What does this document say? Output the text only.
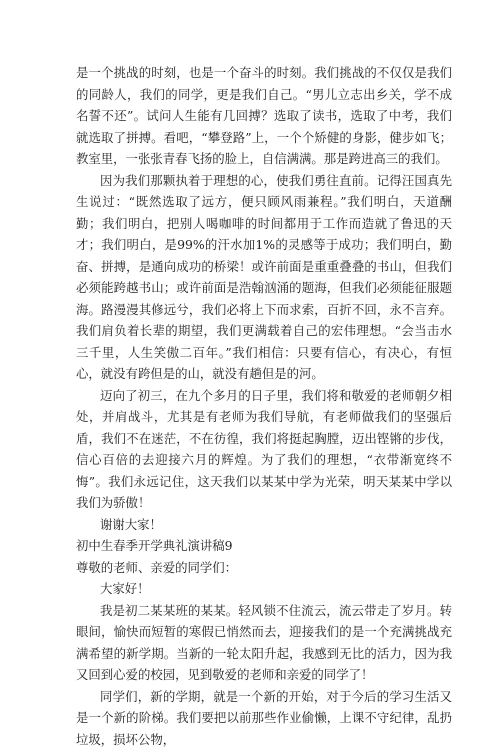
是一个挑战的时刻，也是一个奋斗的时刻。我们挑战的不仅仅是我们的同龄人，我们的同学，更是我们自己。“男儿立志出乡关，学不成名誓不还”。试问人生能有几回搏？选取了读书，选取了中考，我们就选取了拼搏。看吧，“攀登路”上，一个个矫健的身影，健步如飞；教室里，一张张青春飞扬的脸上，自信满满。那是跨进高三的我们。

因为我们那颗执着于理想的心，使我们勇往直前。记得汪国真先生说过：“既然选取了远方，便只顾风雨兼程。”我们明白，天道酬勤；我们明白，把别人喝咖啡的时间都用于工作而造就了鲁迅的天才；我们明白，是99%的汗水加1%的灵感等于成功；我们明白，勤奋、拼搏，是通向成功的桥梁！或许前面是重重叠叠的书山，但我们必须能跨越书山；或许前面是浩翰汹涌的题海，但我们必须能征服题海。路漫漫其修远兮，我们必将上下而求索，百折不回，永不言弃。我们肩负着长辈的期望，我们更满载着自己的宏伟理想。“会当击水三千里，人生笑傲二百年。”我们相信：只要有信心，有决心，有恒心，就没有跨但是的山，就没有趟但是的河。

迈向了初三，在九个多月的日子里，我们将和敬爱的老师朝夕相处，并肩战斗，尤其是有老师为我们导航，有老师做我们的坚强后盾，我们不在迷茫，不在彷徨，我们将挺起胸膛，迈出铿锵的步伐，信心百倍的去迎接六月的辉煌。为了我们的理想，“衣带渐宽终不悔”。我们永远记住，这天我们以某某中学为光荣，明天某某中学以我们为骄傲！

谢谢大家！

初中生春季开学典礼演讲稿9

尊敬的老师、亲爱的同学们：

大家好！

我是初二某某班的某某。轻风锁不住流云，流云带走了岁月。转眼间，愉快而短暂的寒假已悄然而去，迎接我们的是一个充满挑战充满希望的新学期。当新的一轮太阳升起，我感到无比的活力，因为我又回到心爱的校园，见到敬爱的老师和亲爱的同学了！

同学们，新的学期，就是一个新的开始，对于今后的学习生活又是一个新的阶梯。我们要把以前那些作业偷懒，上课不守纪律，乱扔垃圾，损坏公物，
